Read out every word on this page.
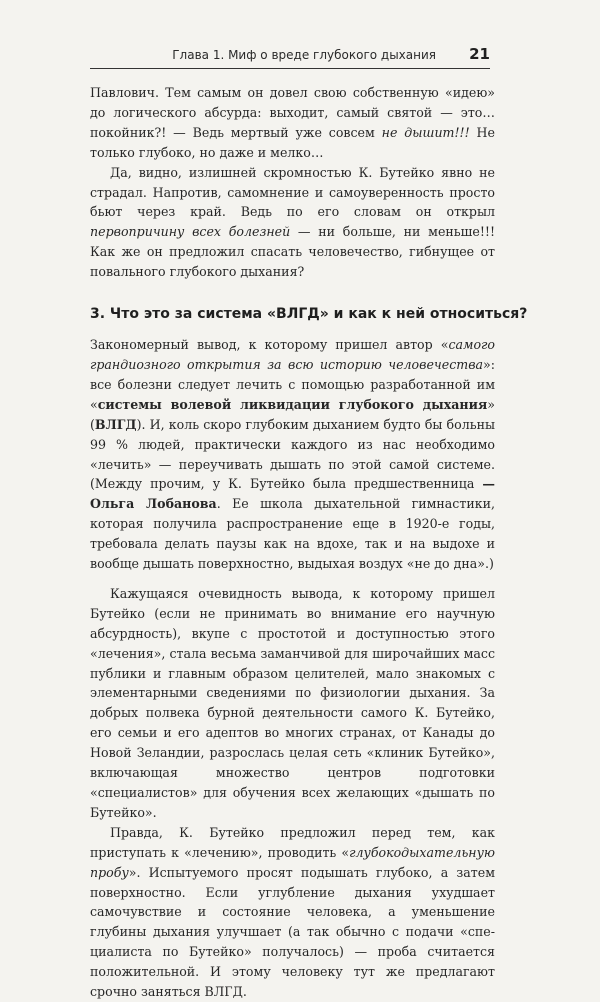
Глава 1. Миф о вреде глубокого дыхания 21

Павлович. Тем самым он довел свою собственную «идею» до логического абсурда: выходит, самый святой — это… покойник?! — Ведь мертвый уже совсем не дышит!!! Не только глубоко, но даже и мелко…

Да, видно, излишней скромностью К. Бутейко явно не страдал. Напротив, самомнение и самоуверенность просто бьют через край. Ведь по его словам он открыл первопричину всех болезней — ни больше, ни меньше!!! Как же он предложил спасать человечество, гибнущее от повального глубокого дыхания?

3. Что это за система «ВЛГД» и как к ней относиться?

Закономерный вывод, к которому пришел автор «самого грандиозного открытия за всю историю человечества»: все болезни следует лечить с помощью разработанной им «системы волевой ликвидации глубокого дыхания» (ВЛГД). И, коль скоро глубоким дыханием будто бы больны 99 % людей, практически каждого из нас необходимо «лечить» — переучивать дышать по этой самой системе. (Между прочим, у К. Бутейко была предшественница — Ольга Лобанова. Ее школа дыхательной гимнастики, которая получила распространение еще в 1920-е годы, требовала делать паузы как на вдохе, так и на выдохе и вообще дышать поверхностно, выдыхая воздух «не до дна».)

Кажущаяся очевидность вывода, к которому пришел Бутейко (если не принимать во внимание его научную абсурдность), вкупе с простотой и доступностью этого «лечения», стала весьма заманчивой для широчайших масс публики и главным образом целителей, мало знакомых с элементарными сведениями по физиологии дыхания. За добрых полвека бурной деятельности самого К. Бутейко, его семьи и его адептов во многих странах, от Канады до Новой Зеландии, разрослась целая сеть «клиник Бутейко», включающая множество центров подготовки «специалистов» для обучения всех желающих «дышать по Бутейко».

Правда, К. Бутейко предложил перед тем, как приступать к «лечению», проводить «глубокодыхательную пробу». Испытуемого просят подышать глубоко, а затем поверхностно. Если углубление дыхания ухудшает самочувствие и состояние человека, а уменьшение глубины дыхания улучшает (а так обычно с подачи «специалиста по Бутейко» получалось) — проба считается положительной. И этому человеку тут же предлагают срочно заняться ВЛГД.
